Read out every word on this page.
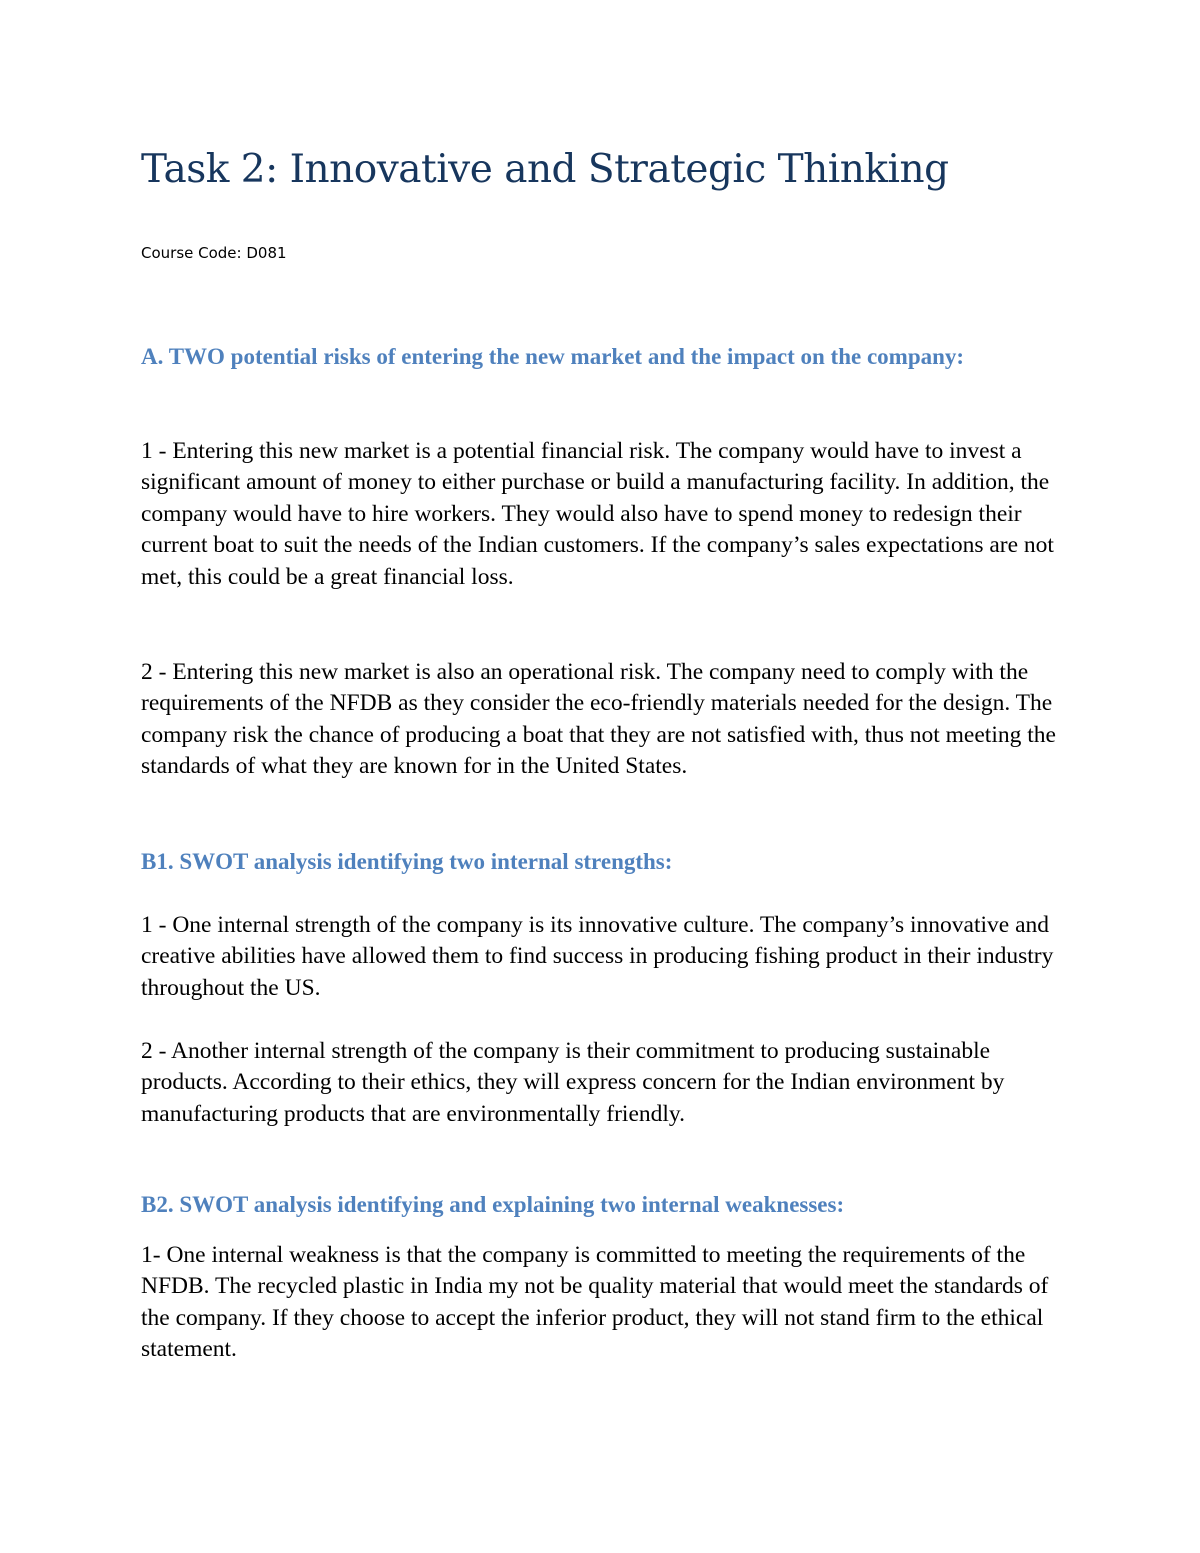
Task 2: Innovative and Strategic Thinking

Course Code: D081

A. TWO potential risks of entering the new market and the impact on the company:

1 - Entering this new market is a potential financial risk. The company would have to invest a significant amount of money to either purchase or build a manufacturing facility. In addition, the company would have to hire workers. They would also have to spend money to redesign their current boat to suit the needs of the Indian customers. If the company’s sales expectations are not met, this could be a great financial loss.

2 - Entering this new market is also an operational risk. The company need to comply with the requirements of the NFDB as they consider the eco-friendly materials needed for the design. The company risk the chance of producing a boat that they are not satisfied with, thus not meeting the standards of what they are known for in the United States.

B1. SWOT analysis identifying two internal strengths:

1 - One internal strength of the company is its innovative culture. The company’s innovative and creative abilities have allowed them to find success in producing fishing product in their industry throughout the US.

2 - Another internal strength of the company is their commitment to producing sustainable products. According to their ethics, they will express concern for the Indian environment by manufacturing products that are environmentally friendly.

B2. SWOT analysis identifying and explaining two internal weaknesses:

1- One internal weakness is that the company is committed to meeting the requirements of the NFDB. The recycled plastic in India my not be quality material that would meet the standards of the company. If they choose to accept the inferior product, they will not stand firm to the ethical statement.
